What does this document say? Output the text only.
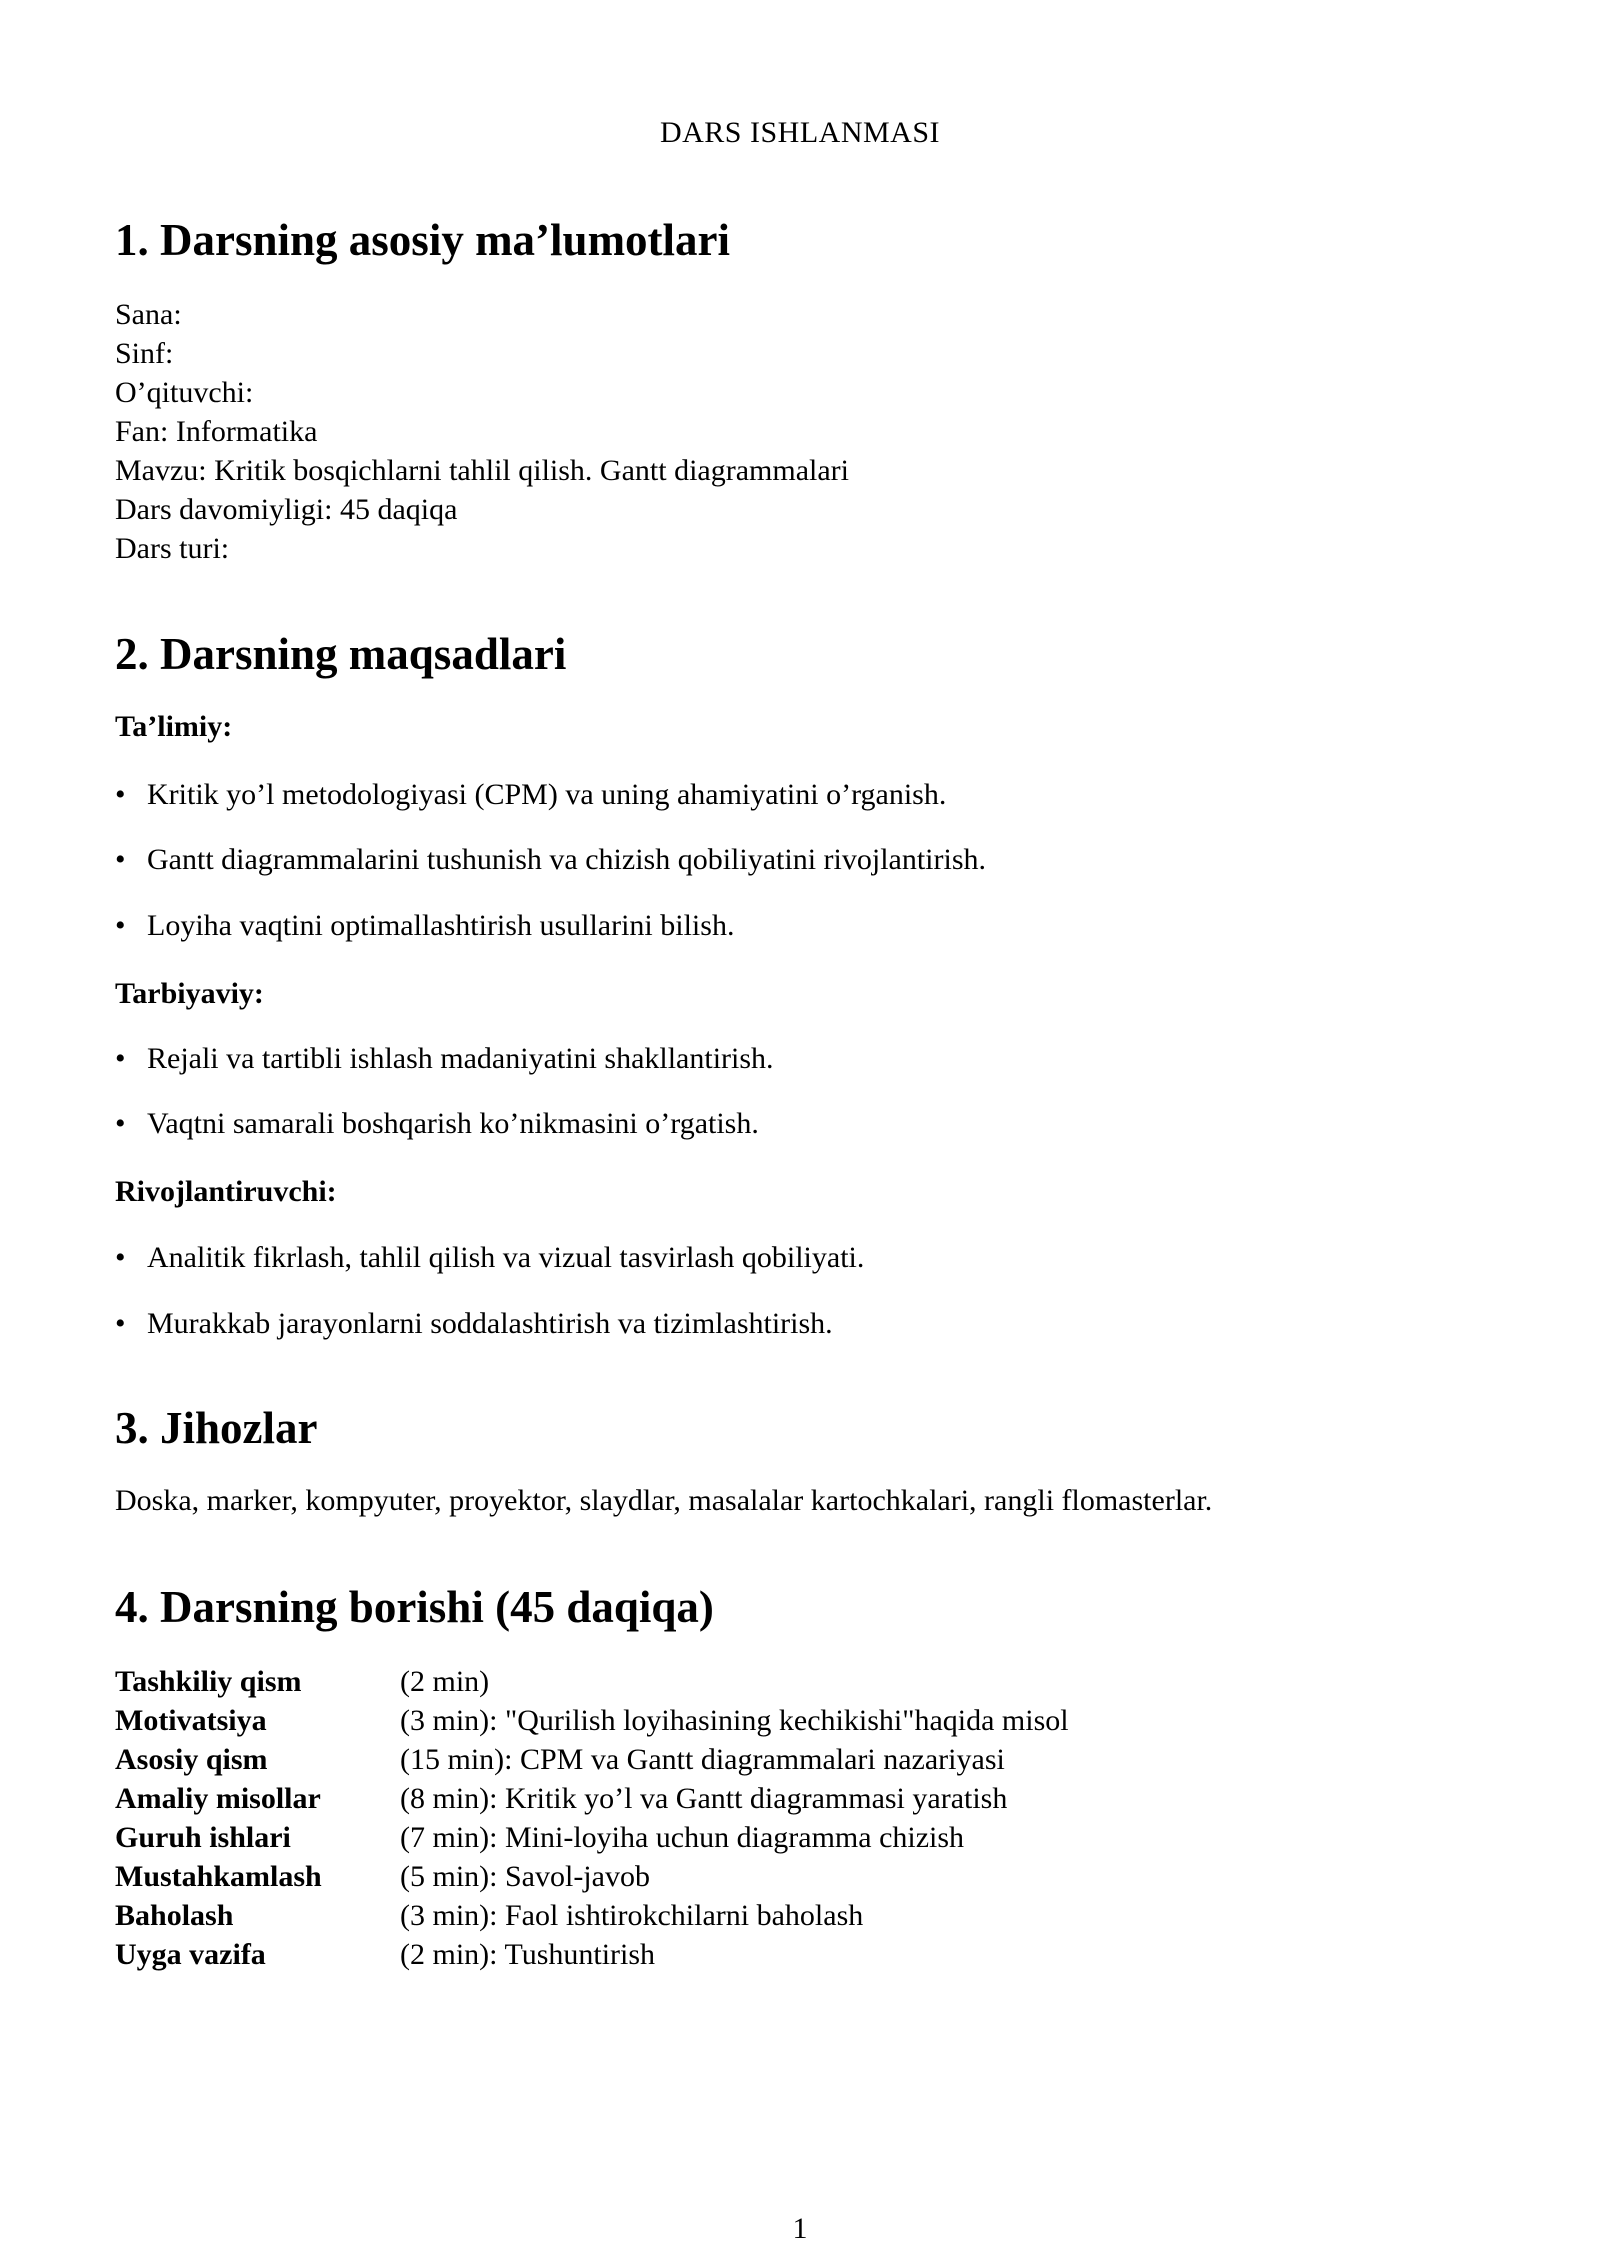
DARS ISHLANMASI
1. Darsning asosiy ma’lumotlari
Sana:
Sinf:
O’qituvchi:
Fan: Informatika
Mavzu: Kritik bosqichlarni tahlil qilish. Gantt diagrammalari
Dars davomiyligi: 45 daqiqa
Dars turi:
2. Darsning maqsadlari
Ta’limiy:
• Kritik yo’l metodologiyasi (CPM) va uning ahamiyatini o’rganish.
• Gantt diagrammalarini tushunish va chizish qobiliyatini rivojlantirish.
• Loyiha vaqtini optimallashtirish usullarini bilish.
Tarbiyaviy:
• Rejali va tartibli ishlash madaniyatini shakllantirish.
• Vaqtni samarali boshqarish ko’nikmasini o’rgatish.
Rivojlantiruvchi:
• Analitik fikrlash, tahlil qilish va vizual tasvirlash qobiliyati.
• Murakkab jarayonlarni soddalashtirish va tizimlashtirish.
3. Jihozlar
Doska, marker, kompyuter, proyektor, slaydlar, masalalar kartochkalari, rangli flomasterlar.
4. Darsning borishi (45 daqiqa)
Tashkiliy qism	(2 min)
Motivatsiya	(3 min): "Qurilish loyihasining kechikishi"haqida misol
Asosiy qism	(15 min): CPM va Gantt diagrammalari nazariyasi
Amaliy misollar	(8 min): Kritik yo’l va Gantt diagrammasi yaratish
Guruh ishlari	(7 min): Mini-loyiha uchun diagramma chizish
Mustahkamlash	(5 min): Savol-javob
Baholash	(3 min): Faol ishtirokchilarni baholash
Uyga vazifa	(2 min): Tushuntirish
1
